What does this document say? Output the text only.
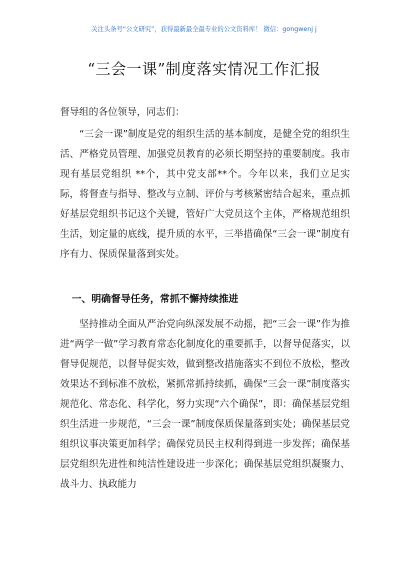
关注头条号“公文研究”，获得最新最全最专业的公文资料库！ 微信：gongwenj j
“三会一课”制度落实情况工作汇报
督导组的各位领导，同志们：

“三会一课”制度是党的组织生活的基本制度，是健全党的组织生活、严格党员管理、加强党员教育的必须长期坚持的重要制度。我市现有基层党组织 **个，其中党支部**个。今年以来，我们立足实际，将督查与指导、整改与立制、评价与考核紧密结合起来，重点抓好基层党组织书记这个关键，管好广大党员这个主体，严格规范组织生活，划定量的底线，提升质的水平，三举措确保“三会一课”制度有序有力、保质保量落到实处。

一、明确督导任务，常抓不懈持续推进

坚持推动全面从严治党向纵深发展不动摇，把“三会一课”作为推进“两学一做”学习教育常态化制度化的重要抓手，以督导促落实，以督导促规范，以督导促实效，做到整改措施落实不到位不放松，整改效果达不到标准不放松，紧抓常抓持续抓，确保“三会一课”制度落实规范化、常态化、科学化，努力实现“六个确保”，即：确保基层党组织生活进一步规范，“三会一课”制度保质保量落到实处；确保基层党组织议事决策更加科学；确保党员民主权利得到进一步发挥；确保基层党组织先进性和纯洁性建设进一步深化；确保基层党组织凝聚力、战斗力、执政能力
